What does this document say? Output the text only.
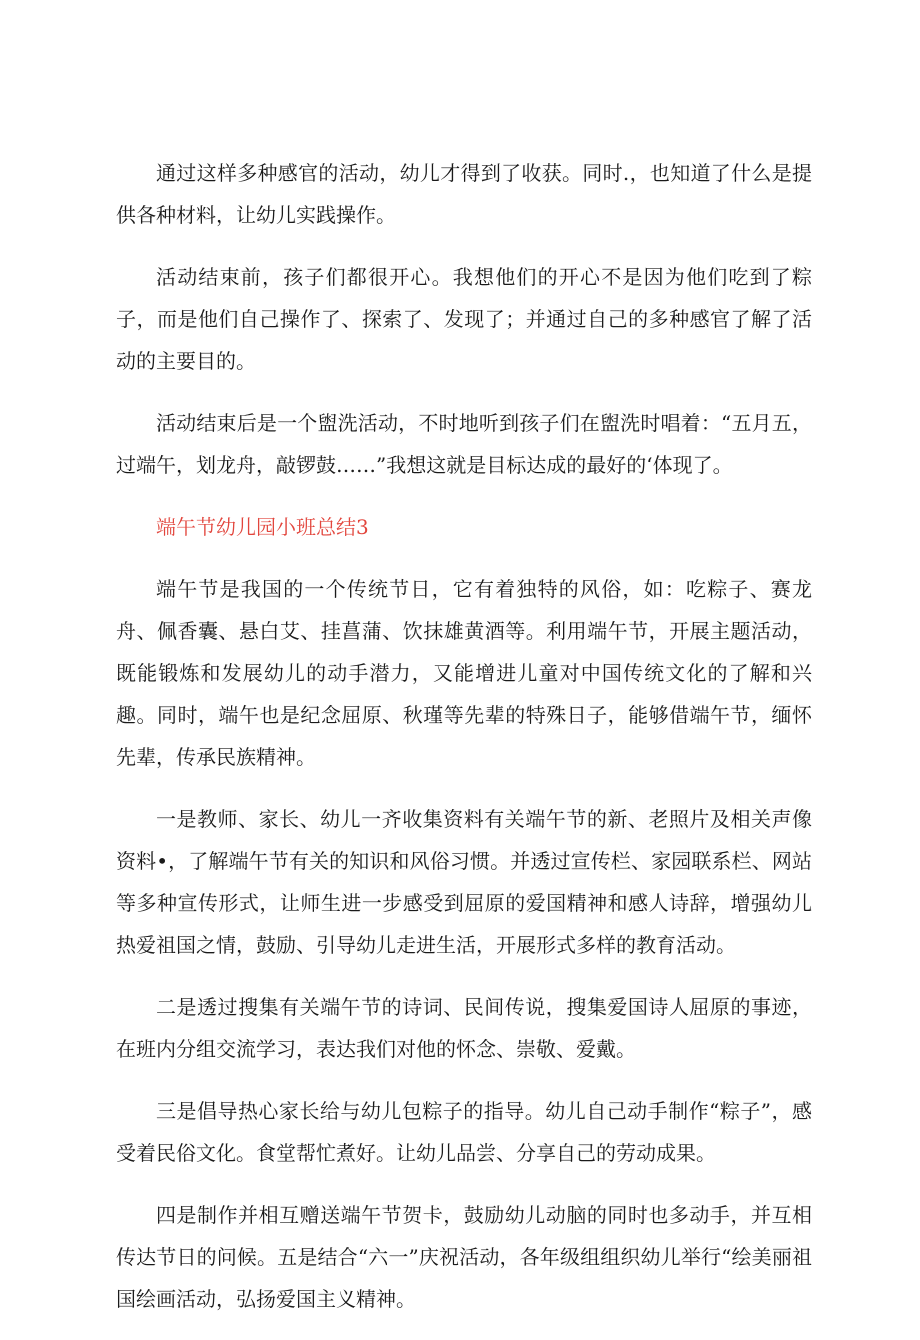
通过这样多种感官的活动，幼儿才得到了收获。同时.，也知道了什么是提供各种材料，让幼儿实践操作。

活动结束前，孩子们都很开心。我想他们的开心不是因为他们吃到了粽子，而是他们自己操作了、探索了、发现了；并通过自己的多种感官了解了活动的主要目的。

活动结束后是一个盥洗活动，不时地听到孩子们在盥洗时唱着：“五月五，过端午，划龙舟，敲锣鼓……”我想这就是目标达成的最好的‘体现了。

端午节幼儿园小班总结3

端午节是我国的一个传统节日，它有着独特的风俗，如：吃粽子、赛龙舟、佩香囊、悬白艾、挂菖蒲、饮抹雄黄酒等。利用端午节，开展主题活动，既能锻炼和发展幼儿的动手潜力，又能增进儿童对中国传统文化的了解和兴趣。同时，端午也是纪念屈原、秋瑾等先辈的特殊日子，能够借端午节，缅怀先辈，传承民族精神。

一是教师、家长、幼儿一齐收集资料有关端午节的新、老照片及相关声像资料•，了解端午节有关的知识和风俗习惯。并透过宣传栏、家园联系栏、网站等多种宣传形式，让师生进一步感受到屈原的爱国精神和感人诗辞，增强幼儿热爱祖国之情，鼓励、引导幼儿走进生活，开展形式多样的教育活动。

二是透过搜集有关端午节的诗词、民间传说，搜集爱国诗人屈原的事迹，在班内分组交流学习，表达我们对他的怀念、崇敬、爱戴。

三是倡导热心家长给与幼儿包粽子的指导。幼儿自己动手制作“粽子”，感受着民俗文化。食堂帮忙煮好。让幼儿品尝、分享自己的劳动成果。

四是制作并相互赠送端午节贺卡，鼓励幼儿动脑的同时也多动手，并互相传达节日的问候。五是结合“六一”庆祝活动，各年级组组织幼儿举行“绘美丽祖国绘画活动，弘扬爱国主义精神。
